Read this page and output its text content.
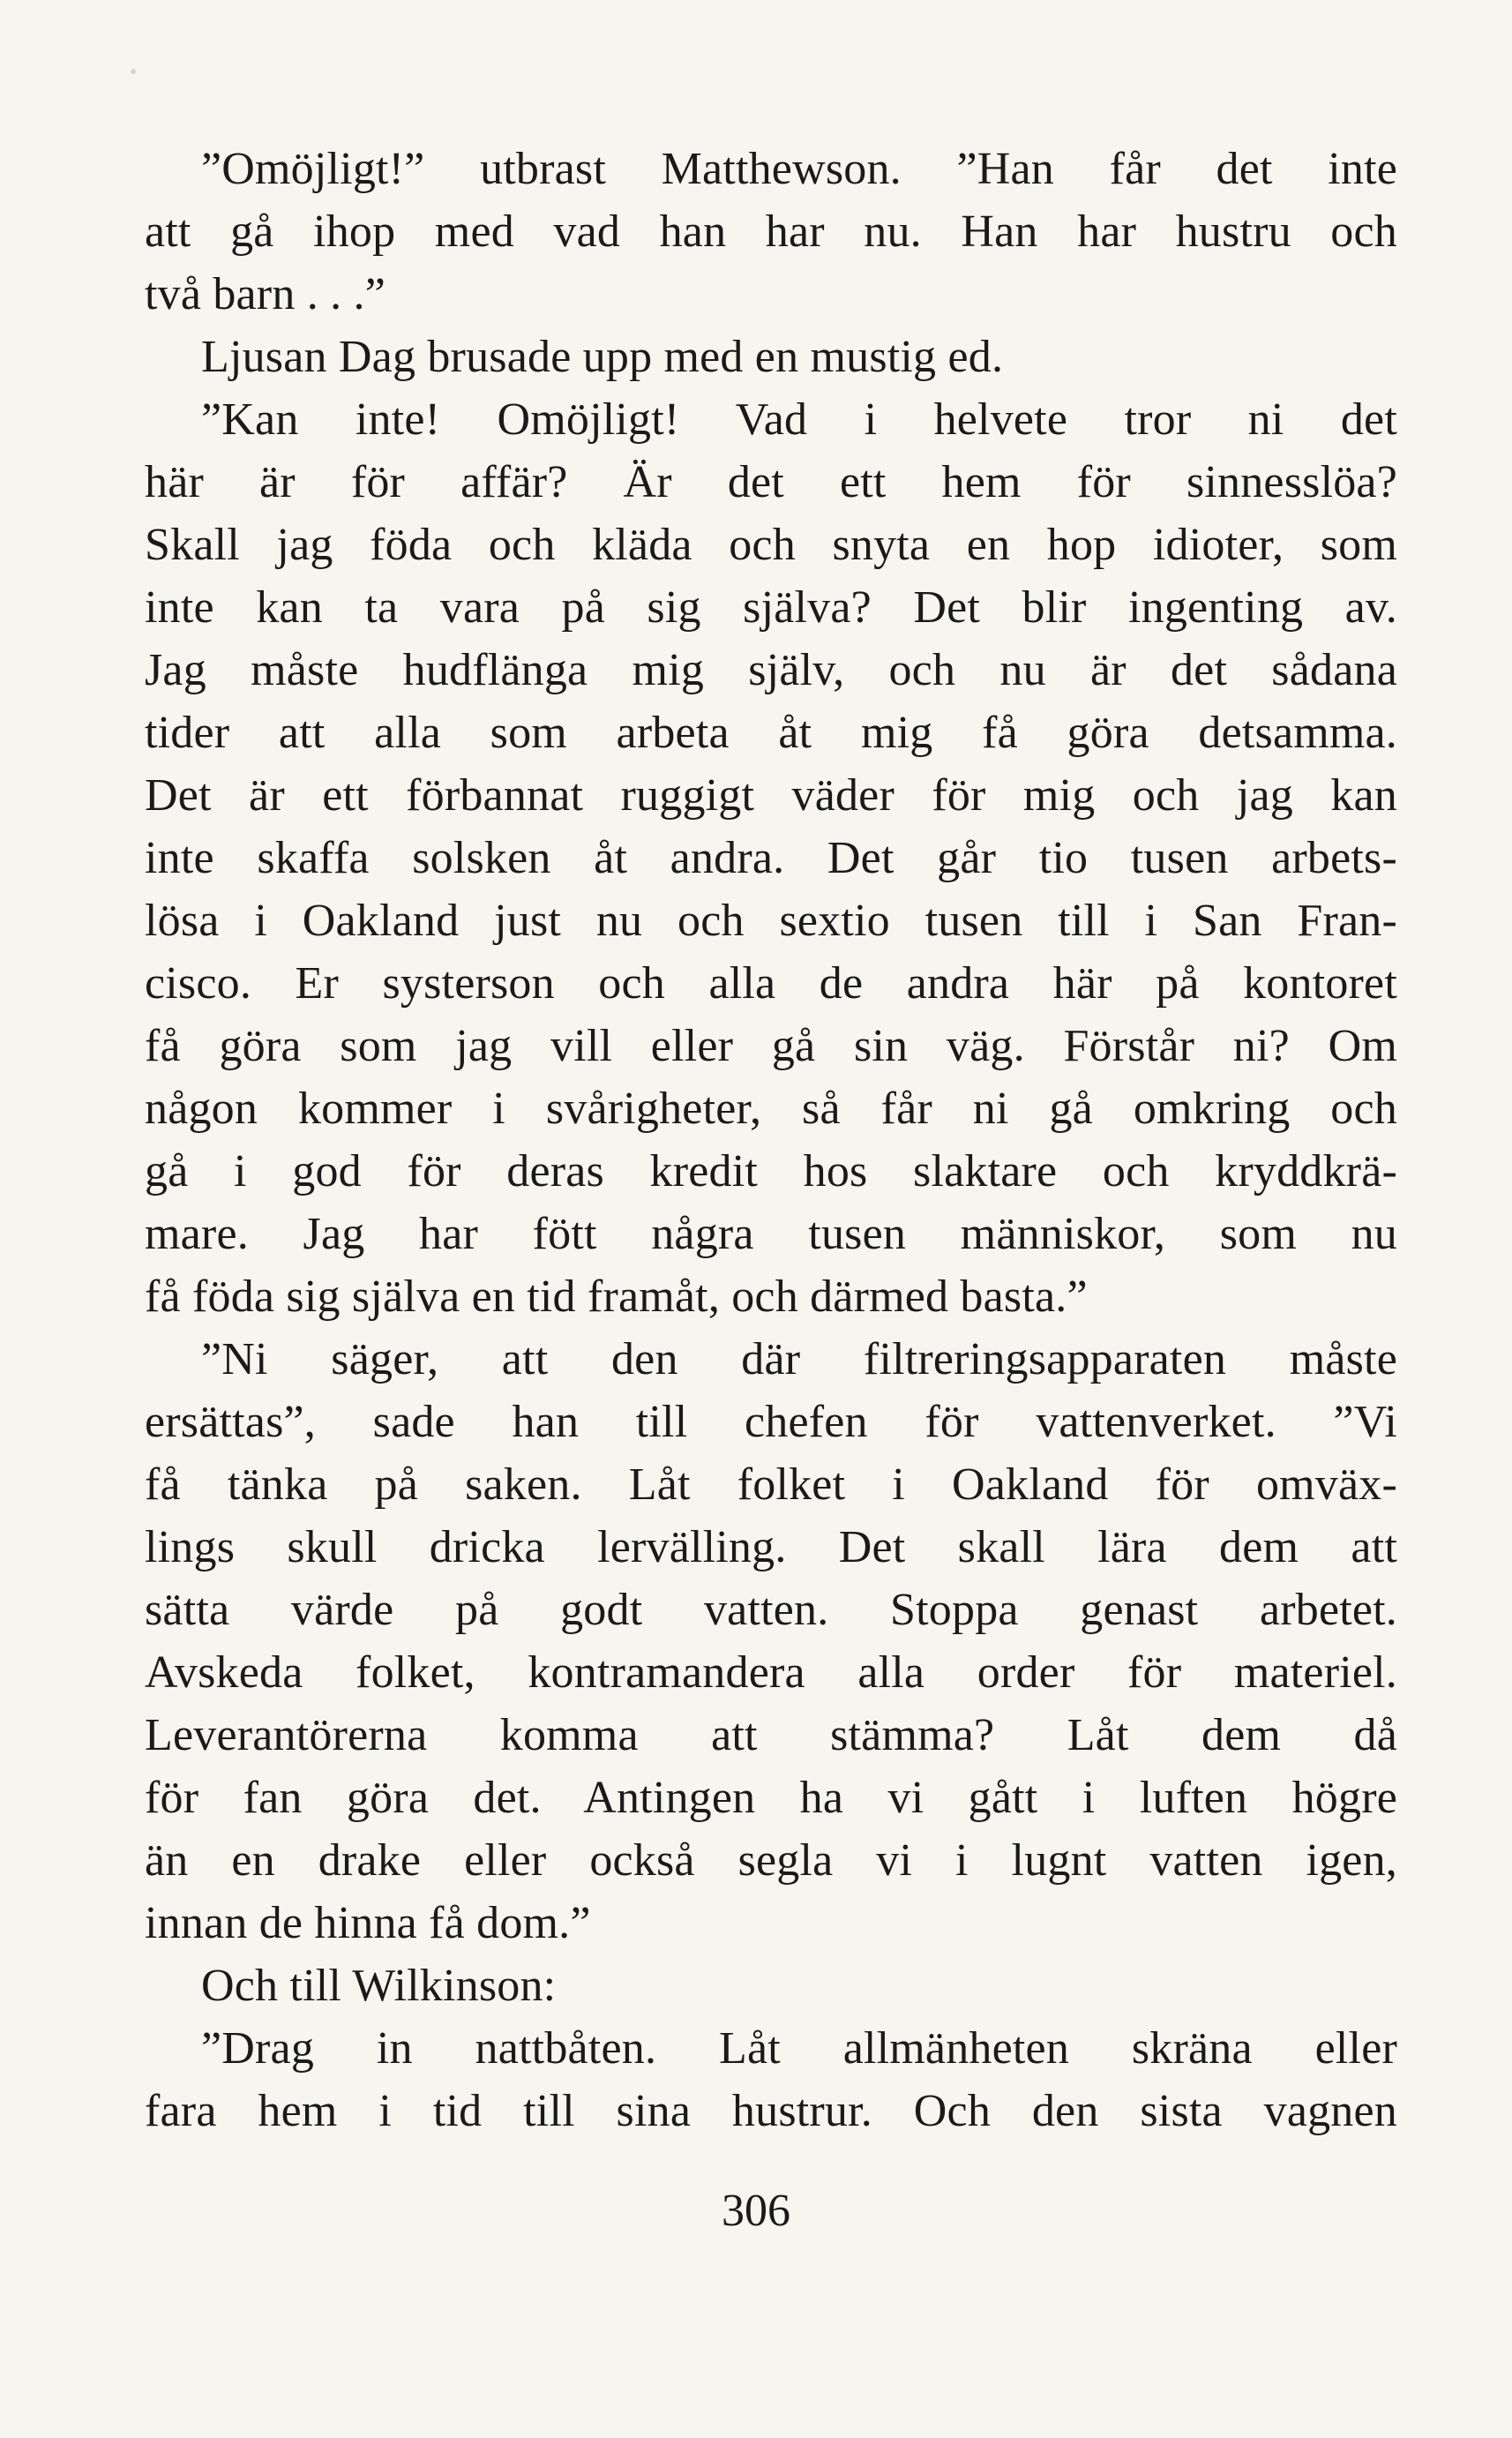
”Omöjligt!” utbrast Matthewson. ”Han får det inte
att gå ihop med vad han har nu. Han har hustru och
två barn . . .”
Ljusan Dag brusade upp med en mustig ed.
”Kan inte! Omöjligt! Vad i helvete tror ni det
här är för affär? Är det ett hem för sinnesslöa?
Skall jag föda och kläda och snyta en hop idioter, som
inte kan ta vara på sig själva? Det blir ingenting av.
Jag måste hudflänga mig själv, och nu är det sådana
tider att alla som arbeta åt mig få göra detsamma.
Det är ett förbannat ruggigt väder för mig och jag kan
inte skaffa solsken åt andra. Det går tio tusen arbets-
lösa i Oakland just nu och sextio tusen till i San Fran-
cisco. Er systerson och alla de andra här på kontoret
få göra som jag vill eller gå sin väg. Förstår ni? Om
någon kommer i svårigheter, så får ni gå omkring och
gå i god för deras kredit hos slaktare och kryddkrä-
mare. Jag har fött några tusen människor, som nu
få föda sig själva en tid framåt, och därmed basta.”
”Ni säger, att den där filtreringsapparaten måste
ersättas”, sade han till chefen för vattenverket. ”Vi
få tänka på saken. Låt folket i Oakland för omväx-
lings skull dricka lervälling. Det skall lära dem att
sätta värde på godt vatten. Stoppa genast arbetet.
Avskeda folket, kontramandera alla order för materiel.
Leverantörerna komma att stämma? Låt dem då
för fan göra det. Antingen ha vi gått i luften högre
än en drake eller också segla vi i lugnt vatten igen,
innan de hinna få dom.”
Och till Wilkinson:
”Drag in nattbåten. Låt allmänheten skräna eller
fara hem i tid till sina hustrur. Och den sista vagnen
306
